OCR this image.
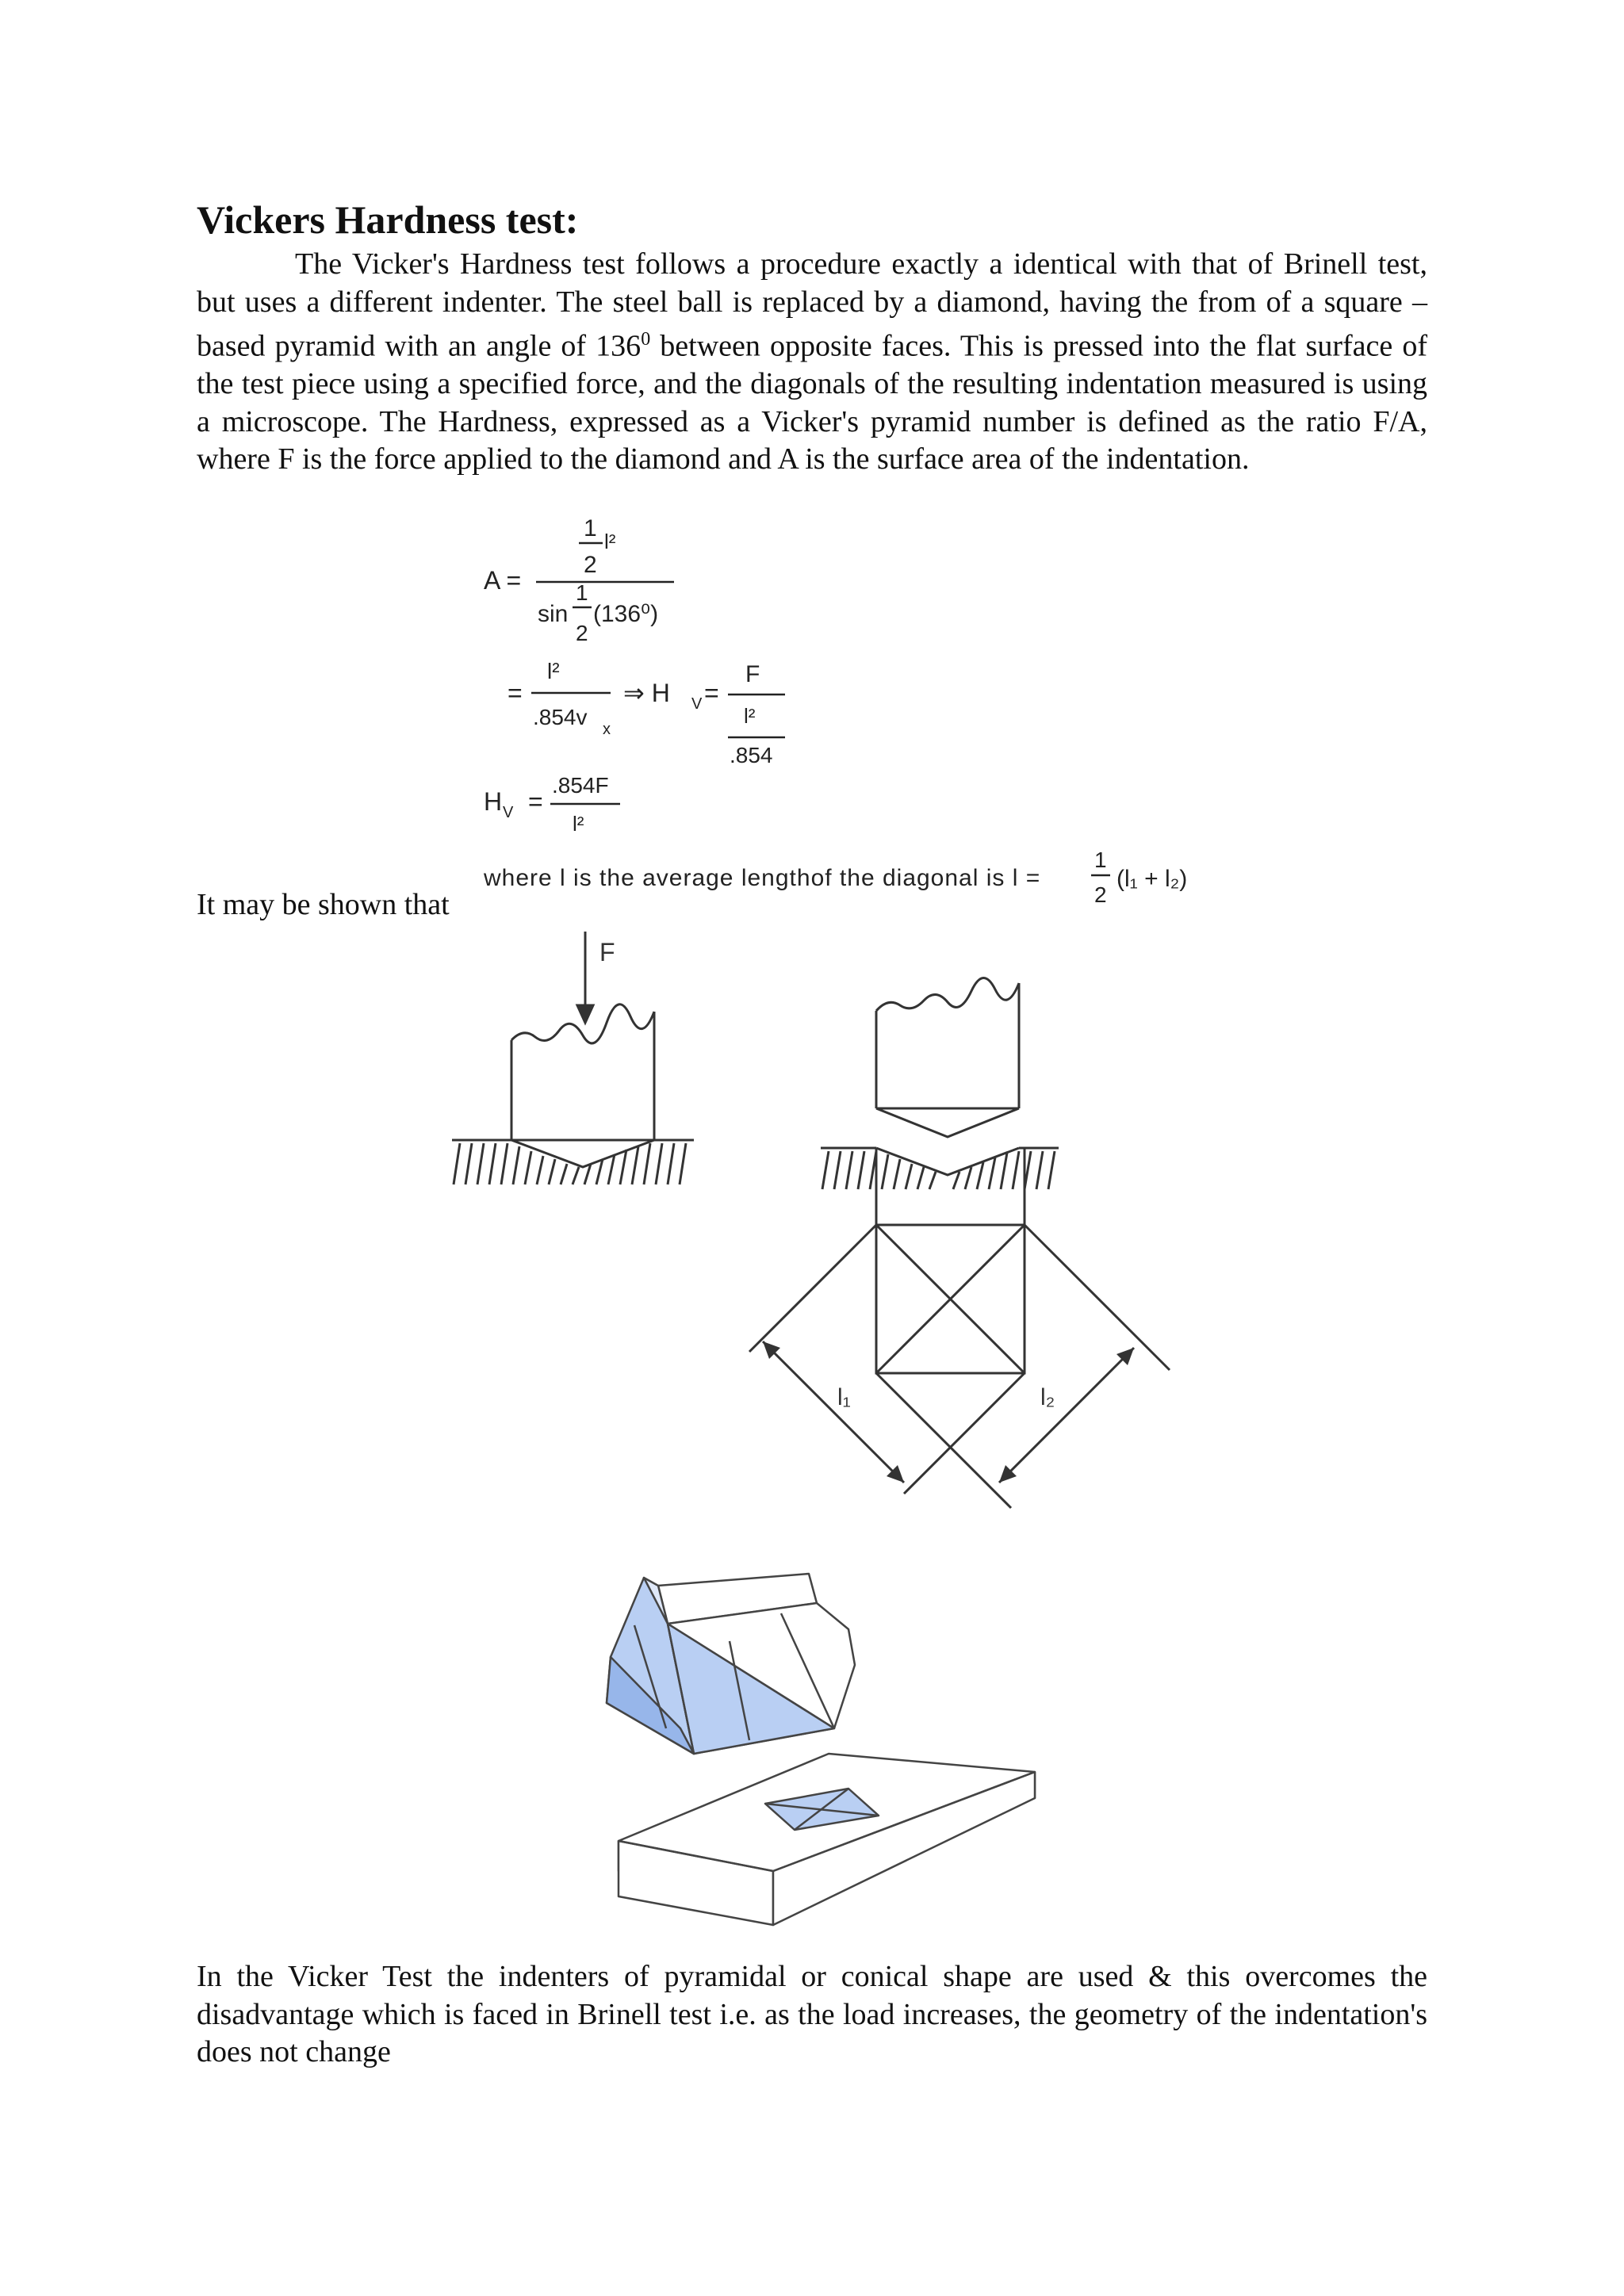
Vickers Hardness test:

The Vicker's Hardness test follows a procedure exactly a identical with that of Brinell test, but uses a different indenter. The steel ball is replaced by a diamond, having the from of a square – based pyramid with an angle of $136^0$ between opposite faces. This is pressed into the flat surface of the test piece using a specified force, and the diagonals of the resulting indentation measured is using a microscope. The Hardness, expressed as a Vicker's pyramid number is defined as the ratio F/A, where F is the force applied to the diamond and A is the surface area of the indentation.

It may be shown that

In the Vicker Test the indenters of pyramidal or conical shape are used & this overcomes the disadvantage which is faced in Brinell test i.e. as the load increases, the geometry of the indentation's does not change

A =
1
2
l²
sin
1
2
(136⁰)
=
l²
.854v x
⇒ H V =
F
l²
.854
H V =
.854F
l²
where l is the average lengthof the diagonal is l =
1
2
(l₁ + l₂)
F
l₁	l₂
